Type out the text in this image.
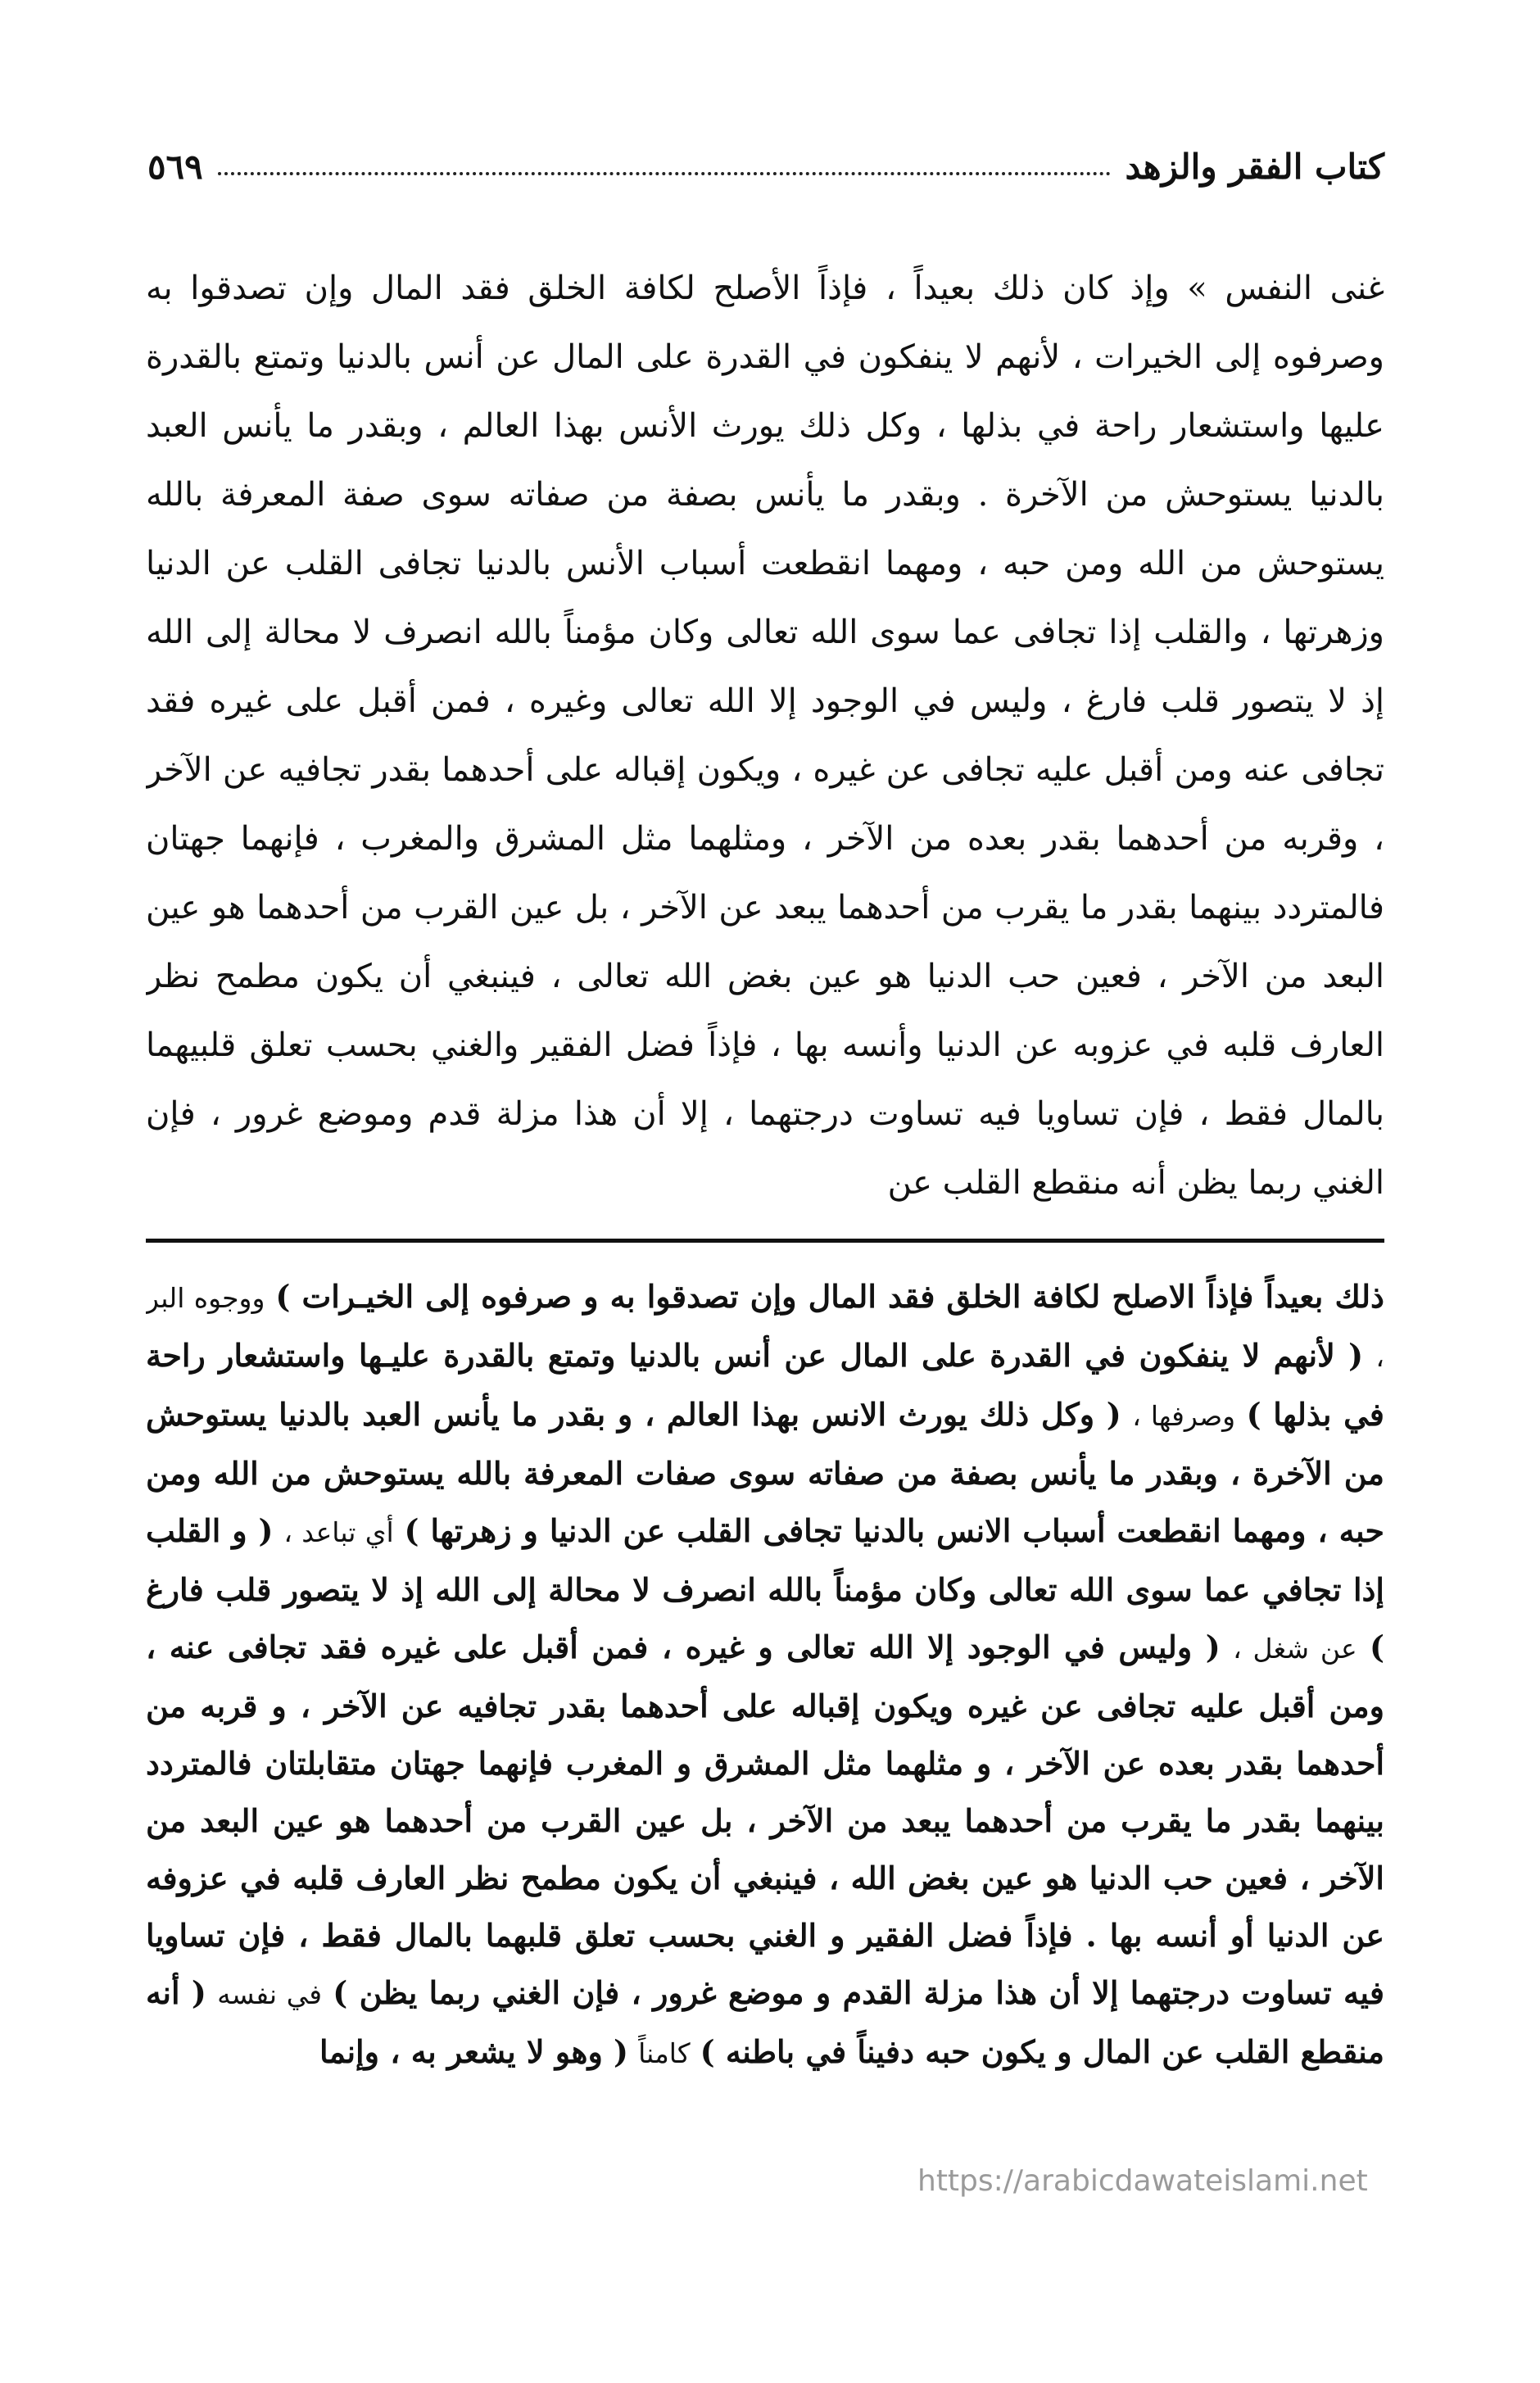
كتاب الفقر والزهد
٥٦٩

غنى النفس » وإذ كان ذلك بعيداً ، فإذاً الأصلح لكافة الخلق فقد المال وإن تصدقوا به وصرفوه إلى الخيرات ، لأنهم لا ينفكون في القدرة على المال عن أنس بالدنيا وتمتع بالقدرة عليها واستشعار راحة في بذلها ، وكل ذلك يورث الأنس بهذا العالم ، وبقدر ما يأنس العبد بالدنيا يستوحش من الآخرة . وبقدر ما يأنس بصفة من صفاته سوى صفة المعرفة بالله يستوحش من الله ومن حبه ، ومهما انقطعت أسباب الأنس بالدنيا تجافى القلب عن الدنيا وزهرتها ، والقلب إذا تجافى عما سوى الله تعالى وكان مؤمناً بالله انصرف لا محالة إلى الله إذ لا يتصور قلب فارغ ، وليس في الوجود إلا الله تعالى وغيره ، فمن أقبل على غيره فقد تجافى عنه ومن أقبل عليه تجافى عن غيره ، ويكون إقباله على أحدهما بقدر تجافيه عن الآخر ، وقربه من أحدهما بقدر بعده من الآخر ، ومثلهما مثل المشرق والمغرب ، فإنهما جهتان فالمتردد بينهما بقدر ما يقرب من أحدهما يبعد عن الآخر ، بل عين القرب من أحدهما هو عين البعد من الآخر ، فعين حب الدنيا هو عين بغض الله تعالى ، فينبغي أن يكون مطمح نظر العارف قلبه في عزوبه عن الدنيا وأنسه بها ، فإذاً فضل الفقير والغني بحسب تعلق قلبيهما بالمال فقط ، فإن تساويا فيه تساوت درجتهما ، إلا أن هذا مزلة قدم وموضع غرور ، فإن الغني ربما يظن أنه منقطع القلب عن

ذلك بعيداً فإذاً الاصلح لكافة الخلق فقد المال وإن تصدقوا به و صرفوه إلى الخيـرات ) ووجوه البر ، ( لأنهم لا ينفكون في القدرة على المال عن أنس بالدنيا وتمتع بالقدرة عليـها واستشعار راحة في بذلها ) وصرفها ، ( وكل ذلك يورث الانس بهذا العالم ، و بقدر ما يأنس العبد بالدنيا يستوحش من الآخرة ، وبقدر ما يأنس بصفة من صفاته سوى صفات المعرفة بالله يستوحش من الله ومن حبه ، ومهما انقطعت أسباب الانس بالدنيا تجافى القلب عن الدنيا و زهرتها ) أي تباعد ، ( و القلب إذا تجافي عما سوى الله تعالى وكان مؤمناً بالله انصرف لا محالة إلى الله إذ لا يتصور قلب فارغ ) عن شغل ، ( وليس في الوجود إلا الله تعالى و غيره ، فمن أقبل على غيره فقد تجافى عنه ، ومن أقبل عليه تجافى عن غيره ويكون إقباله على أحدهما بقدر تجافيه عن الآخر ، و قربه من أحدهما بقدر بعده عن الآخر ، و مثلهما مثل المشرق و المغرب فإنهما جهتان متقابلتان فالمتردد بينهما بقدر ما يقرب من أحدهما يبعد من الآخر ، بل عين القرب من أحدهما هو عين البعد من الآخر ، فعين حب الدنيا هو عين بغض الله ، فينبغي أن يكون مطمح نظر العارف قلبه في عزوفه عن الدنيا أو أنسه بها . فإذاً فضل الفقير و الغني بحسب تعلق قلبهما بالمال فقط ، فإن تساويا فيه تساوت درجتهما إلا أن هذا مزلة القدم و موضع غرور ، فإن الغني ربما يظن ) في نفسه ( أنه منقطع القلب عن المال و يكون حبه دفيناً في باطنه ) كامناً ( وهو لا يشعر به ، وإنما

https://arabicdawateislami.net
